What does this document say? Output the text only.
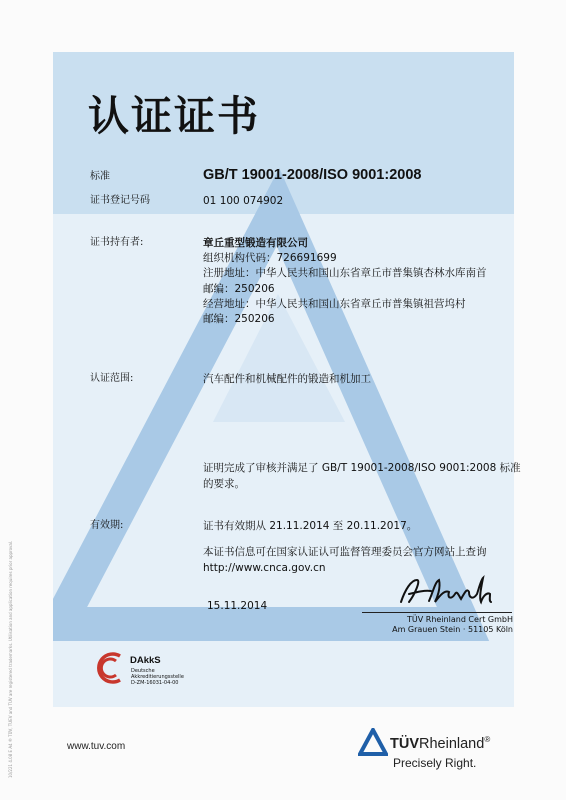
认证证书
标准	GB/T 19001-2008/ISO 9001:2008
证书登记号码	01 100 074902
证书持有者:	章丘重型锻造有限公司
组织机构代码：726691699
注册地址：中华人民共和国山东省章丘市普集镇杏林水库南首
邮编：250206
经营地址：中华人民共和国山东省章丘市普集镇祖营坞村
邮编：250206
认证范围:	汽车配件和机械配件的锻造和机加工
证明完成了审核并满足了 GB/T 19001-2008/ISO 9001:2008 标准
的要求。
有效期:	证书有效期从 21.11.2014 至 20.11.2017。
本证书信息可在国家认证认可监督管理委员会官方网站上查询
http://www.cnca.gov.cn
15.11.2014
TÜV Rheinland Cert GmbH
Am Grauen Stein · 51105 Köln
DAkkS
Deutsche
Akkreditierungsstelle
D-ZM-16031-04-00
www.tuv.com	TÜVRheinland®
Precisely Right.
10/221 4.08 E A4 ® TÜV, TUEV and TUV are registered trademarks. Utilisation and application requires prior approval.
